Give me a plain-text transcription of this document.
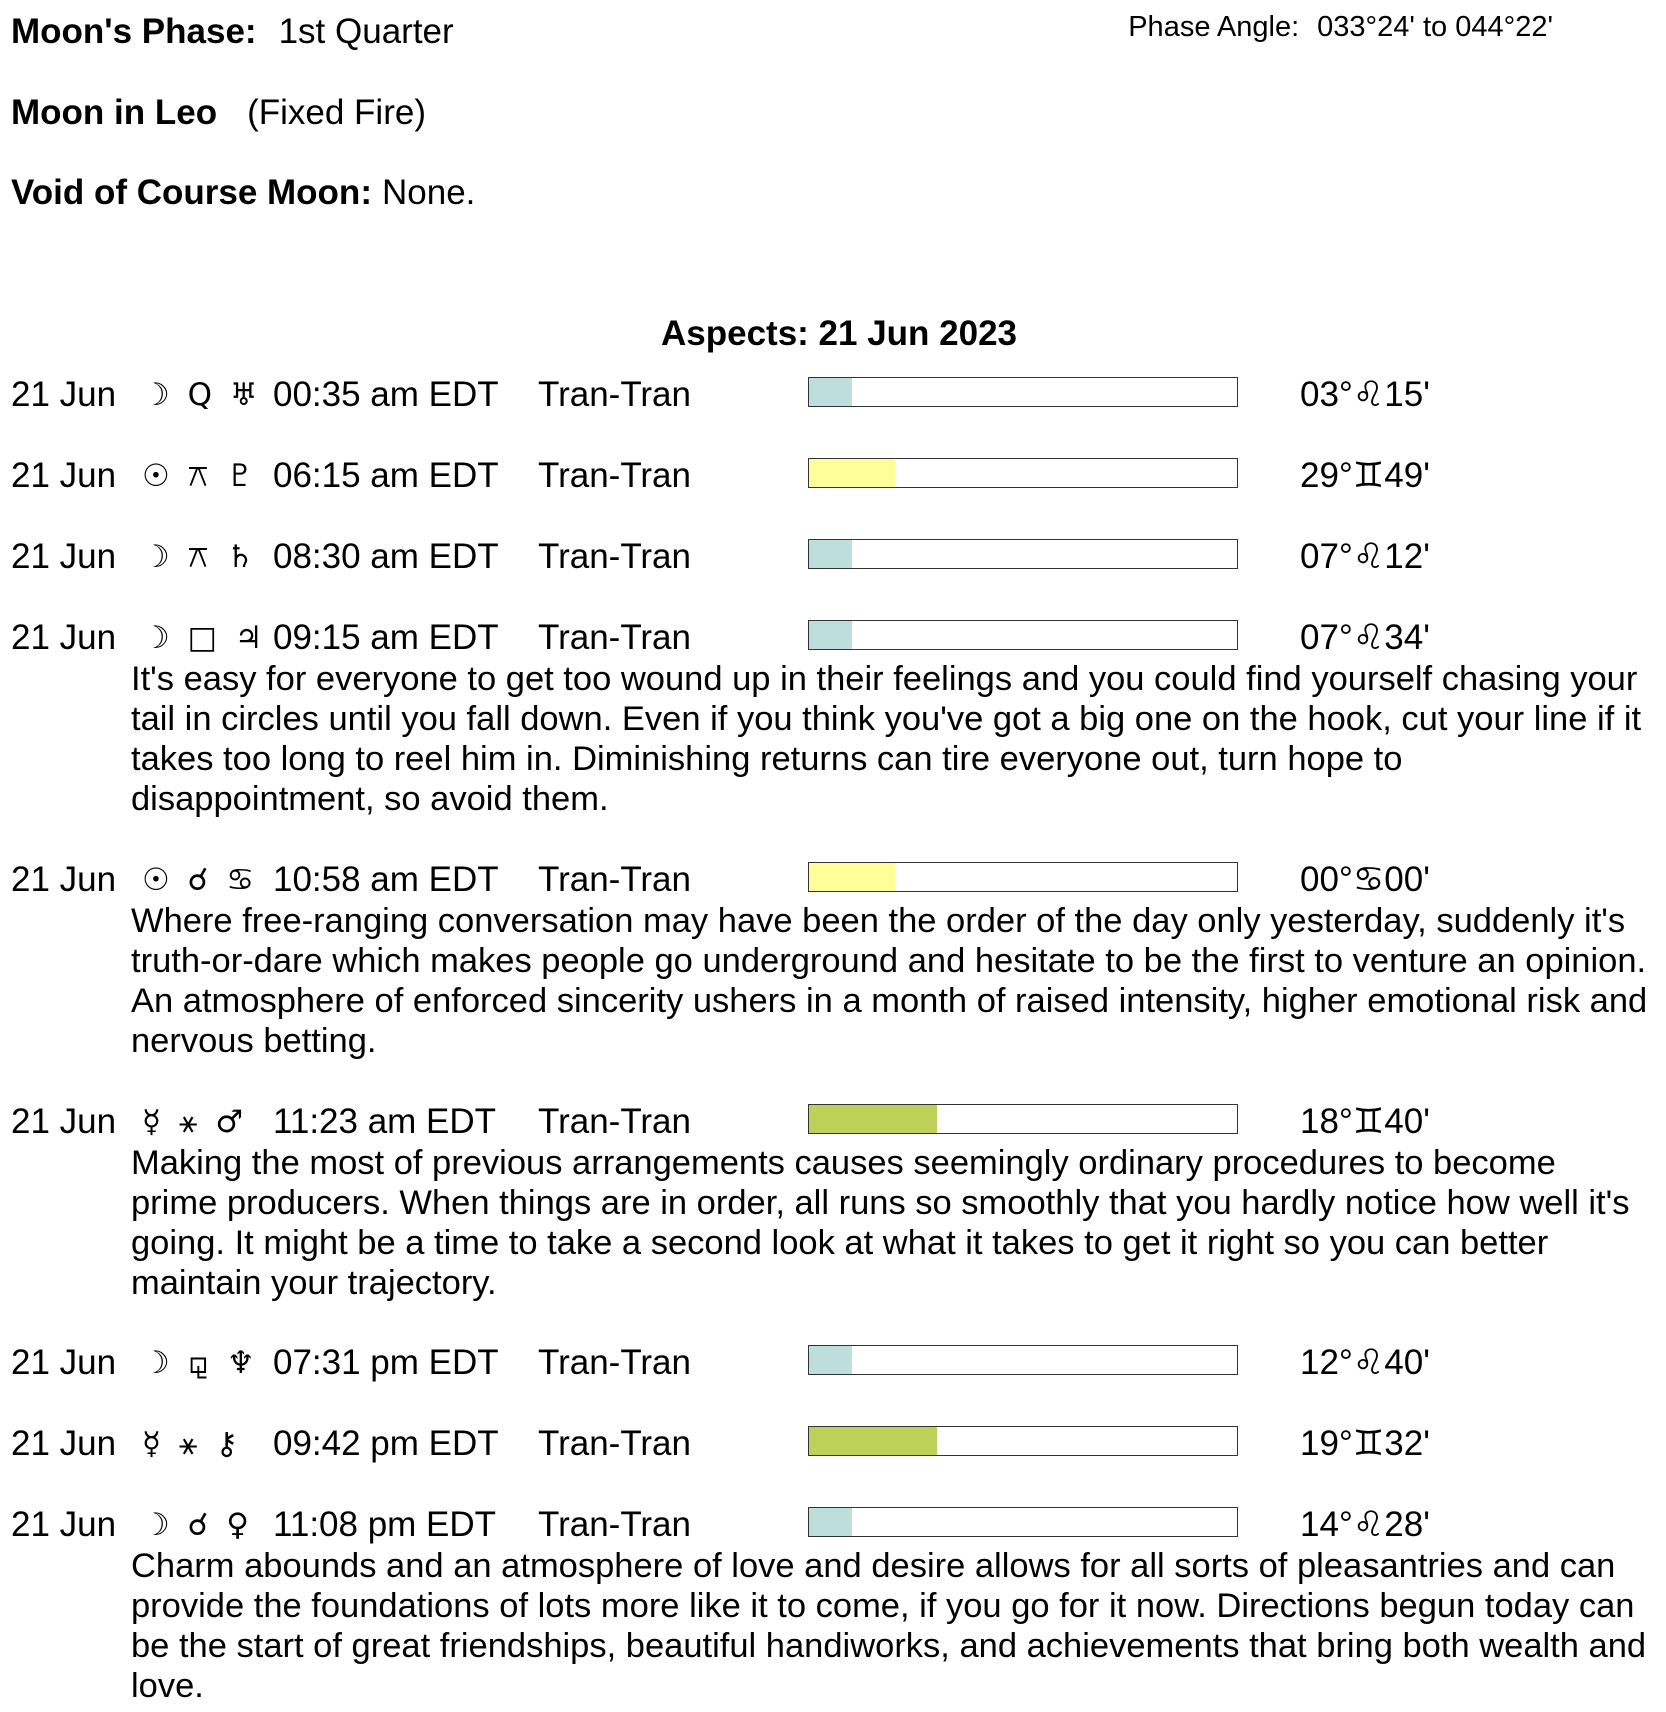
Moon's Phase: 1st Quarter	Phase Angle: 033°24' to 044°22'
Moon in Leo (Fixed Fire)
Void of Course Moon: None.
Aspects: 21 Jun 2023
21 Jun ☽ Q ♅ 00:35 am EDT Tran-Tran	03°♌15'
21 Jun ☉ ⚻ ♇ 06:15 am EDT Tran-Tran	29°♊49'
21 Jun ☽ ⚻ ♄ 08:30 am EDT Tran-Tran	07°♌12'
21 Jun ☽ □ ♃ 09:15 am EDT Tran-Tran	07°♌34'

It's easy for everyone to get too wound up in their feelings and you could find yourself chasing your tail in circles until you fall down. Even if you think you've got a big one on the hook, cut your line if it takes too long to reel him in. Diminishing returns can tire everyone out, turn hope to disappointment, so avoid them.

21 Jun ☉ ☌ ♋ 10:58 am EDT Tran-Tran	00°♋00'

Where free-ranging conversation may have been the order of the day only yesterday, suddenly it's truth-or-dare which makes people go underground and hesitate to be the first to venture an opinion. An atmosphere of enforced sincerity ushers in a month of raised intensity, higher emotional risk and nervous betting.

21 Jun ☿ ⚹ ♂ 11:23 am EDT Tran-Tran	18°♊40'

Making the most of previous arrangements causes seemingly ordinary procedures to become prime producers. When things are in order, all runs so smoothly that you hardly notice how well it's going. It might be a time to take a second look at what it takes to get it right so you can better maintain your trajectory.

21 Jun ☽ ⚼ ♆ 07:31 pm EDT Tran-Tran	12°♌40'
21 Jun ☿ ⚹ ⚷ 09:42 pm EDT Tran-Tran	19°♊32'
21 Jun ☽ ☌ ♀ 11:08 pm EDT Tran-Tran	14°♌28'

Charm abounds and an atmosphere of love and desire allows for all sorts of pleasantries and can provide the foundations of lots more like it to come, if you go for it now. Directions begun today can be the start of great friendships, beautiful handiworks, and achievements that bring both wealth and love.
